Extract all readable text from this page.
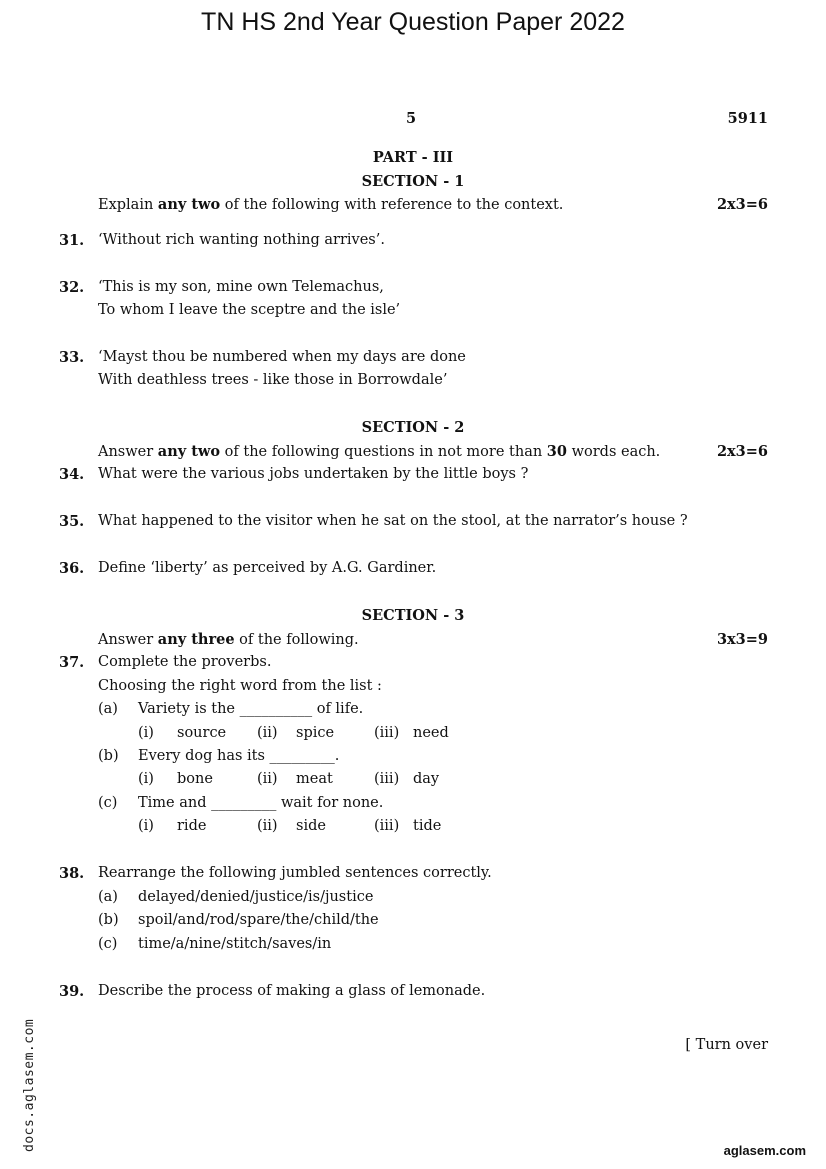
TN HS 2nd Year Question Paper 2022
5	5911
PART - III
SECTION - 1
Explain any two of the following with reference to the context.	2x3=6
31. ‘Without rich wanting nothing arrives’.
32. ‘This is my son, mine own Telemachus,
To whom I leave the sceptre and the isle’
33. ‘Mayst thou be numbered when my days are done
With deathless trees - like those in Borrowdale’
SECTION - 2
Answer any two of the following questions in not more than 30 words each.	2x3=6
34. What were the various jobs undertaken by the little boys ?
35. What happened to the visitor when he sat on the stool, at the narrator’s house ?
36. Define ‘liberty’ as perceived by A.G. Gardiner.
SECTION - 3
Answer any three of the following.	3x3=9
37. Complete the proverbs.
Choosing the right word from the list :
(a) Variety is the __________ of life.
(i) source (ii) spice	(iii) need
(b) Every dog has its _________.
(i) bone	(ii) meat	(iii) day
(c) Time and _________ wait for none.
(i) ride	(ii) side	(iii) tide
38. Rearrange the following jumbled sentences correctly.
(a) delayed/denied/justice/is/justice
(b) spoil/and/rod/spare/the/child/the
(c) time/a/nine/stitch/saves/in
39. Describe the process of making a glass of lemonade.
[ Turn over
docs.aglasem.com	aglasem.com
